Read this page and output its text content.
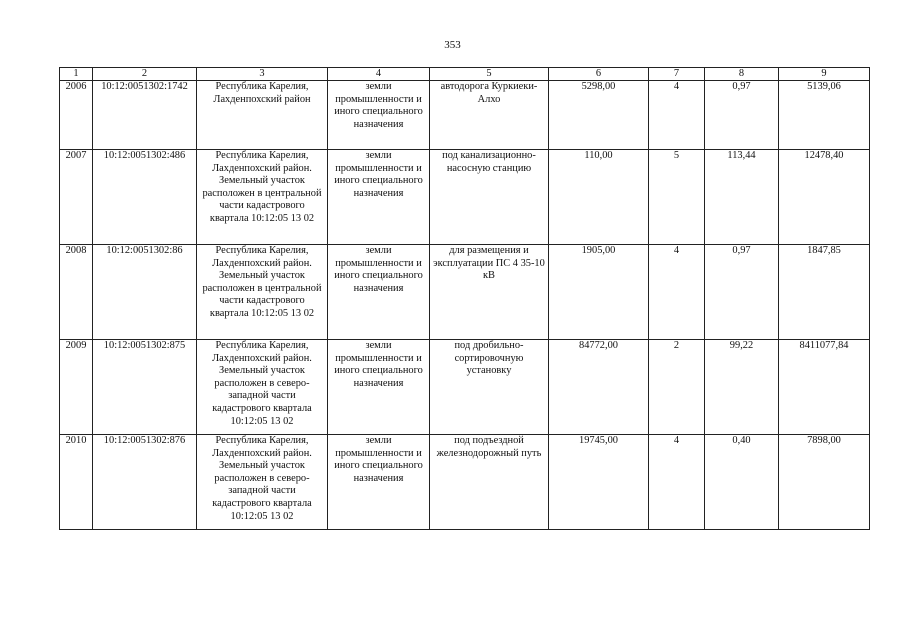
353
1	2	3	4	5	6	7	8	9
2006	10:12:0051302:1742	Республика Карелия, Лахденпохский район	земли промышленности и иного специального назначения	автодорога Куркиеки-Алхо	5298,00	4	0,97	5139,06
2007	10:12:0051302:486	Республика Карелия, Лахденпохский район. Земельный участок расположен в центральной части кадастрового квартала 10:12:05 13 02	земли промышленности и иного специального назначения	под канализационно-насосную станцию	110,00	5	113,44	12478,40
2008	10:12:0051302:86	Республика Карелия, Лахденпохский район. Земельный участок расположен в центральной части кадастрового квартала 10:12:05 13 02	земли промышленности и иного специального назначения	для размещения и эксплуатации ПС 4 35-10 кВ	1905,00	4	0,97	1847,85
2009	10:12:0051302:875	Республика Карелия, Лахденпохский район. Земельный участок расположен в северо-западной части кадастрового квартала 10:12:05 13 02	земли промышленности и иного специального назначения	под дробильно-сортировочную установку	84772,00	2	99,22	8411077,84
2010	10:12:0051302:876	Республика Карелия, Лахденпохский район. Земельный участок расположен в северо-западной части кадастрового квартала 10:12:05 13 02	земли промышленности и иного специального назначения	под подъездной железнодорожный путь	19745,00	4	0,40	7898,00
